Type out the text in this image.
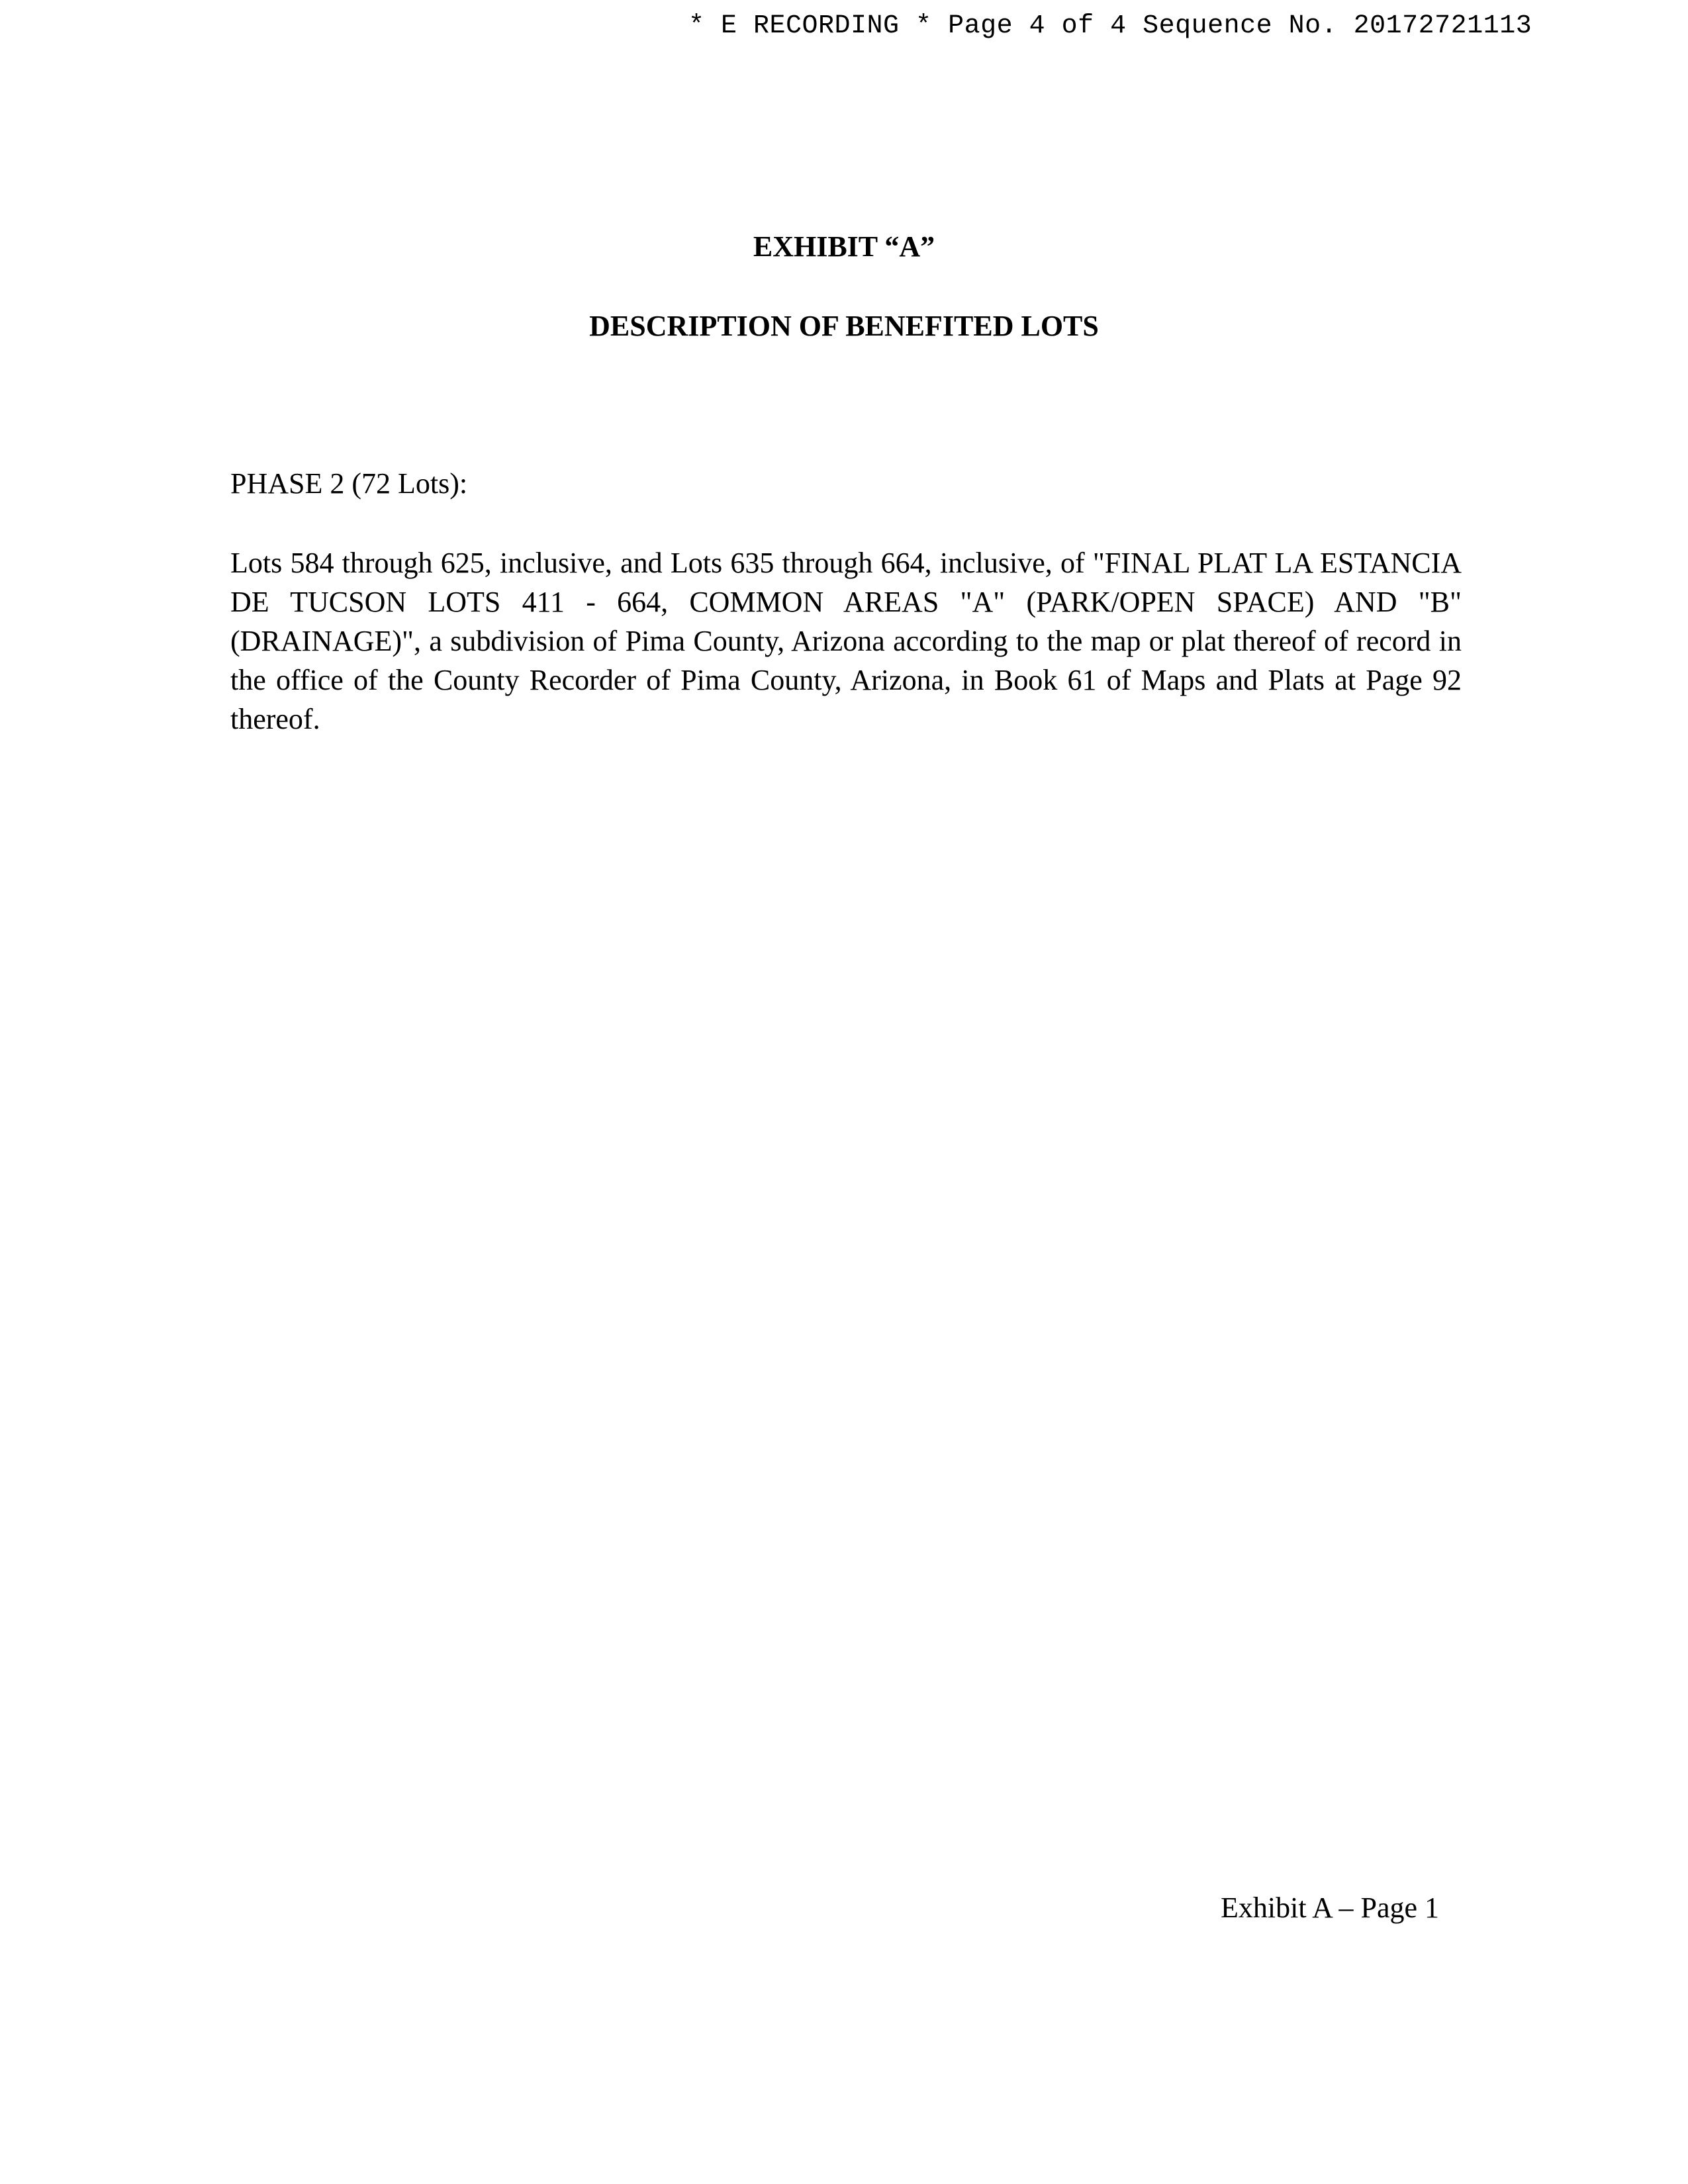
* E RECORDING * Page 4 of 4 Sequence No. 20172721113
EXHIBIT “A”
DESCRIPTION OF BENEFITED LOTS
PHASE 2 (72 Lots):

Lots 584 through 625, inclusive, and Lots 635 through 664, inclusive, of "FINAL PLAT LA ESTANCIA DE TUCSON LOTS 411 - 664, COMMON AREAS "A" (PARK/OPEN SPACE) AND "B" (DRAINAGE)", a subdivision of Pima County, Arizona according to the map or plat thereof of record in the office of the County Recorder of Pima County, Arizona, in Book 61 of Maps and Plats at Page 92 thereof.

Exhibit A – Page 1
